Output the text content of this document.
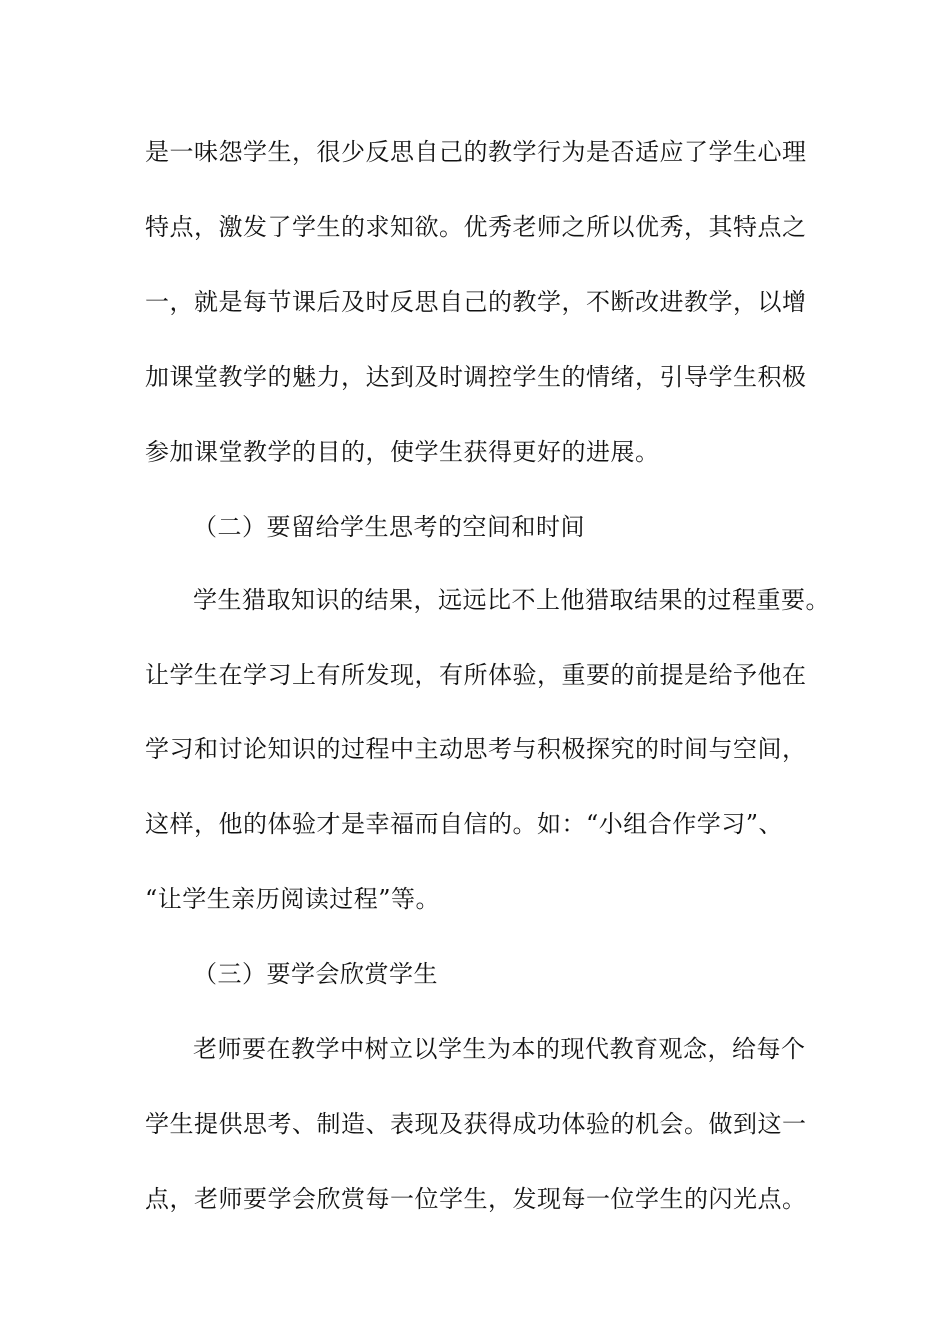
是一味怨学生，很少反思自己的教学行为是否适应了学生心理
特点，激发了学生的求知欲。优秀老师之所以优秀，其特点之
一，就是每节课后及时反思自己的教学，不断改进教学，以增
加课堂教学的魅力，达到及时调控学生的情绪，引导学生积极
参加课堂教学的目的，使学生获得更好的进展。
（二）要留给学生思考的空间和时间
学生猎取知识的结果，远远比不上他猎取结果的过程重要。
让学生在学习上有所发现，有所体验，重要的前提是给予他在
学习和讨论知识的过程中主动思考与积极探究的时间与空间，
这样，他的体验才是幸福而自信的。如：“小组合作学习”、
“让学生亲历阅读过程”等。
（三）要学会欣赏学生
老师要在教学中树立以学生为本的现代教育观念，给每个
学生提供思考、制造、表现及获得成功体验的机会。做到这一
点，老师要学会欣赏每一位学生，发现每一位学生的闪光点。
